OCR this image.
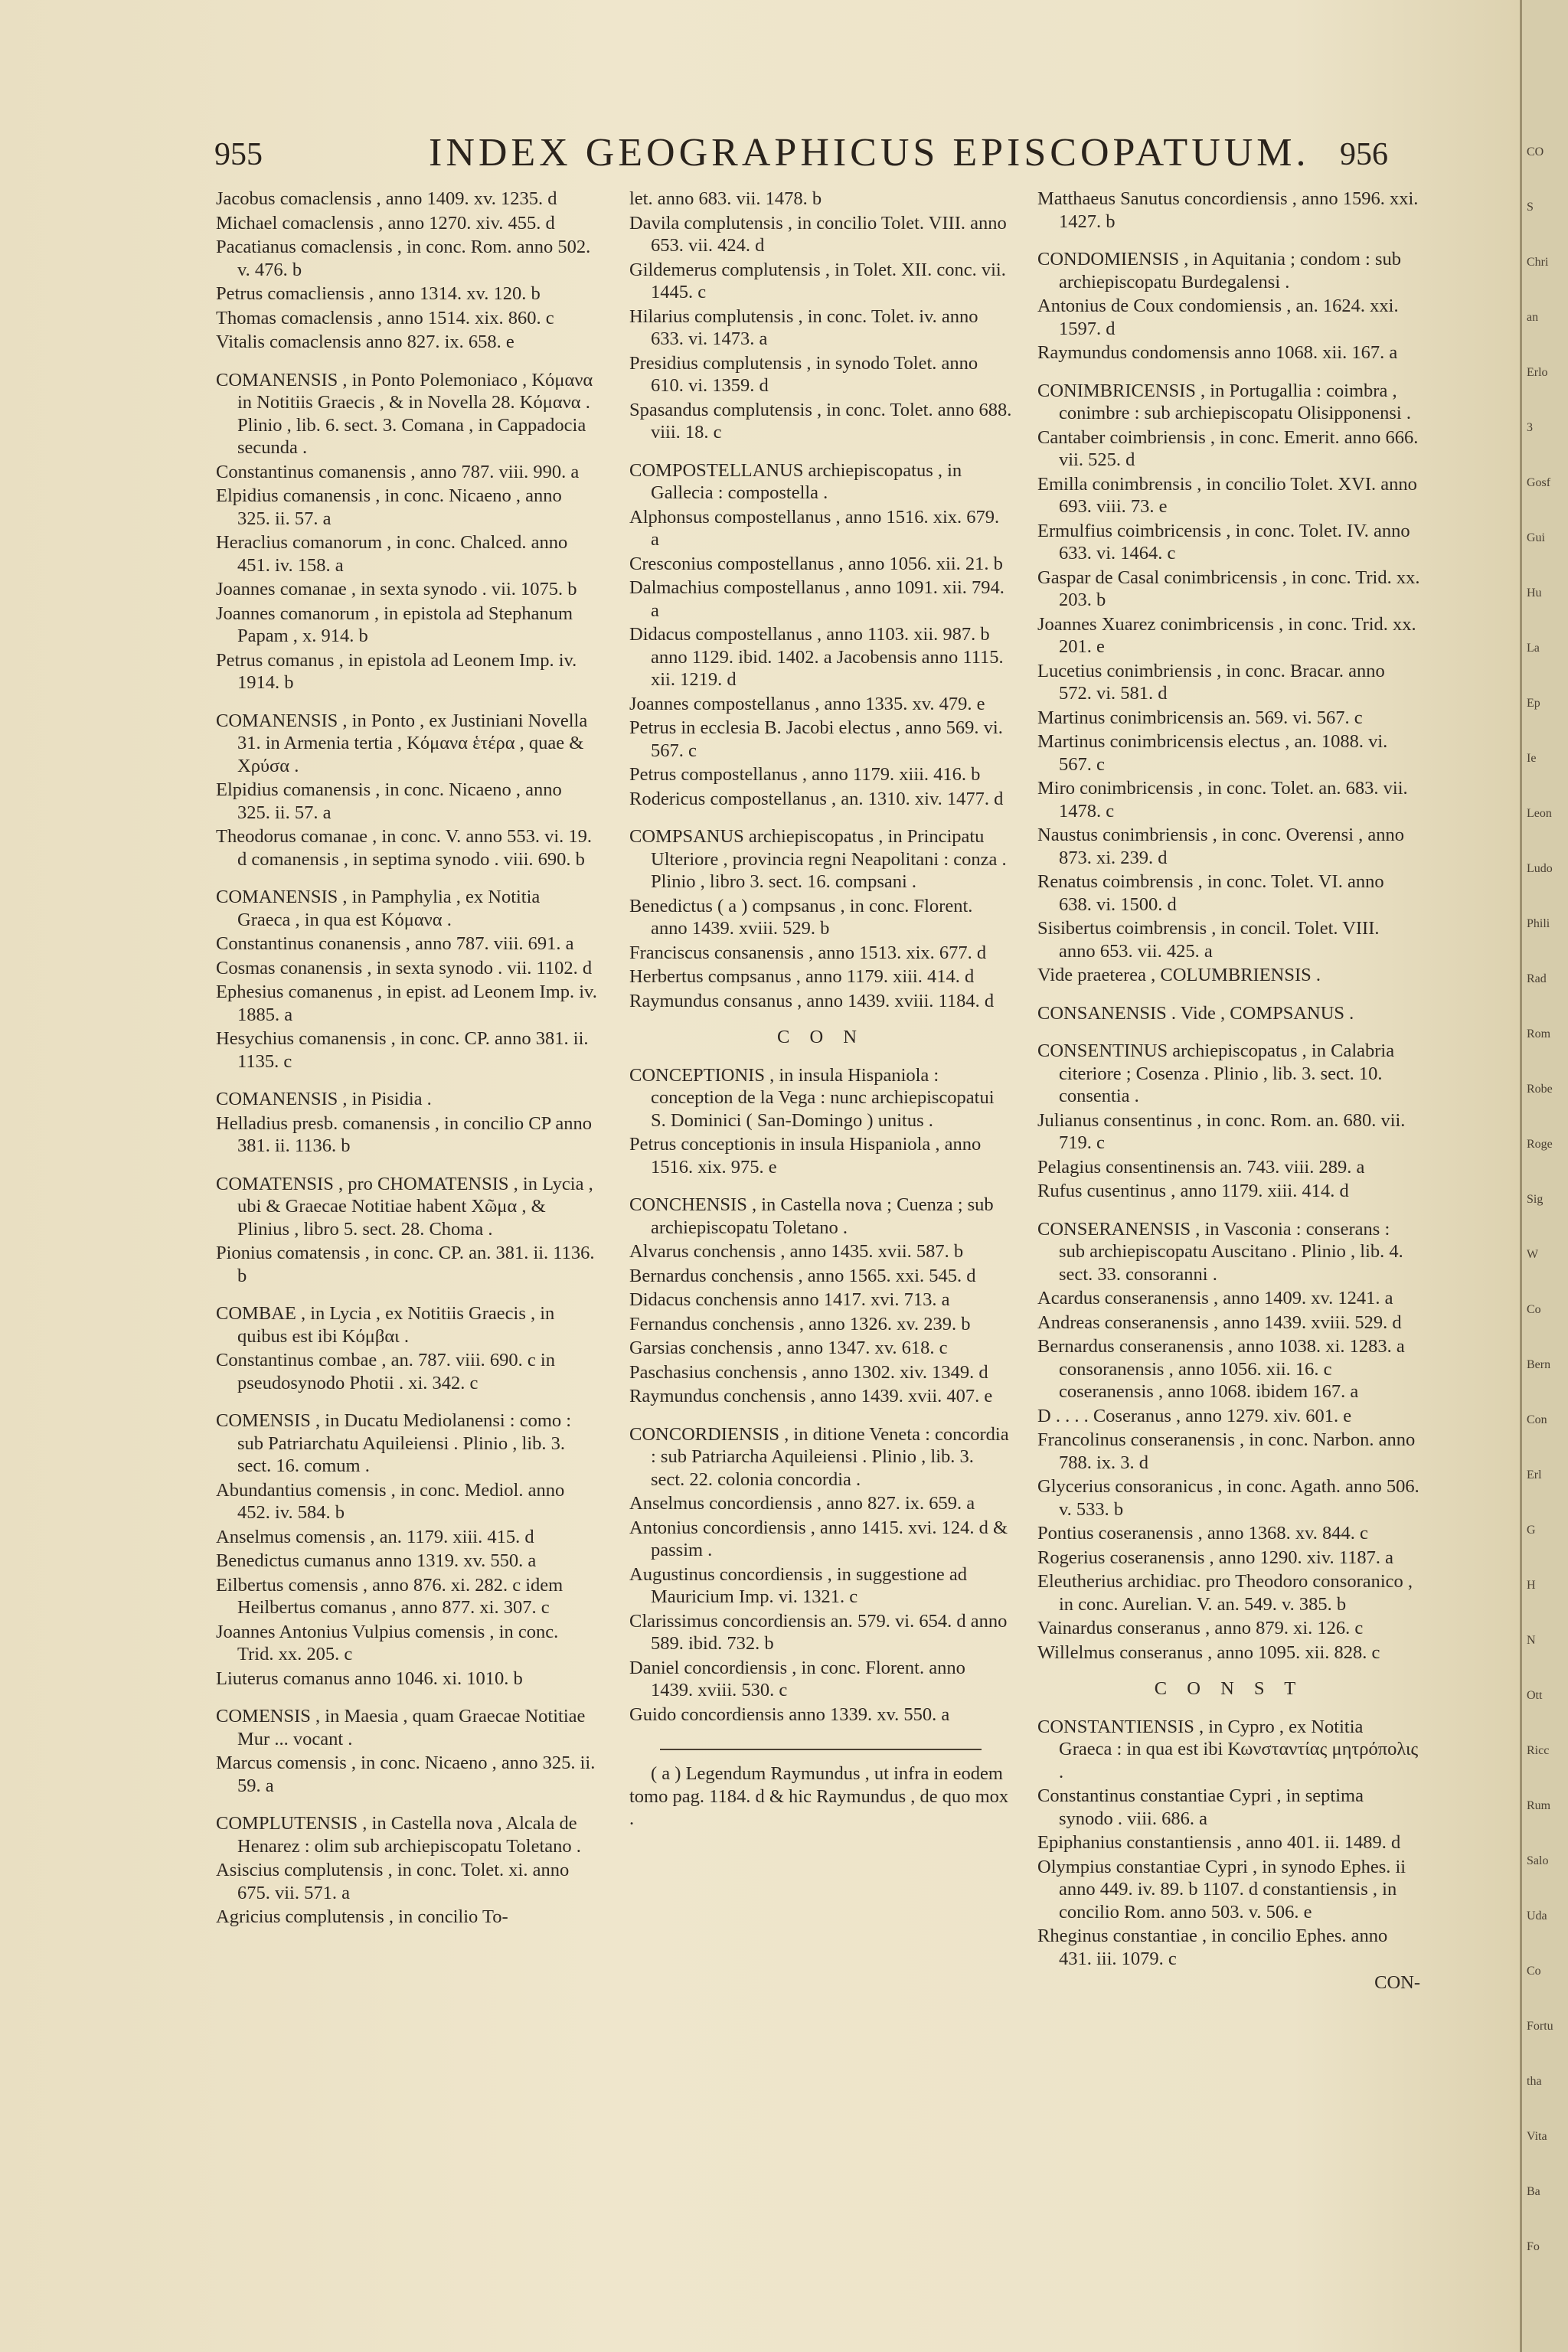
955	INDEX GEOGRAPHICUS EPISCOPATUUM. 956

Jacobus comaclensis , anno 1409. xv. 1235. d

Michael comaclensis , anno 1270. xiv. 455. d

Pacatianus comaclensis , in conc. Rom. anno 502. v. 476. b

Petrus comacliensis , anno 1314. xv. 120. b

Thomas comaclensis , anno 1514. xix. 860. c

Vitalis comaclensis anno 827. ix. 658. e

COMANENSIS , in Ponto Polemoniaco , Κόμανα in Notitiis Graecis , & in Novella 28. Κόμανα . Plinio , lib. 6. sect. 3. Comana , in Cappadocia secunda .

Constantinus comanensis , anno 787. viii. 990. a

Elpidius comanensis , in conc. Nicaeno , anno 325. ii. 57. a

Heraclius comanorum , in conc. Chalced. anno 451. iv. 158. a

Joannes comanae , in sexta synodo . vii. 1075. b

Joannes comanorum , in epistola ad Stephanum Papam , x. 914. b

Petrus comanus , in epistola ad Leonem Imp. iv. 1914. b

COMANENSIS , in Ponto , ex Justiniani Novella 31. in Armenia tertia , Κόμανα ἑτέρα , quae & Χρύσα .

Elpidius comanensis , in conc. Nicaeno , anno 325. ii. 57. a

Theodorus comanae , in conc. V. anno 553. vi. 19. d comanensis , in septima synodo . viii. 690. b

COMANENSIS , in Pamphylia , ex Notitia Graeca , in qua est Κόμανα .

Constantinus conanensis , anno 787. viii. 691. a

Cosmas conanensis , in sexta synodo . vii. 1102. d

Ephesius comanenus , in epist. ad Leonem Imp. iv. 1885. a

Hesychius comanensis , in conc. CP. anno 381. ii. 1135. c

COMANENSIS , in Pisidia .

Helladius presb. comanensis , in concilio CP anno 381. ii. 1136. b

COMATENSIS , pro CHOMATENSIS , in Lycia , ubi & Graecae Notitiae habent Χῶμα , & Plinius , libro 5. sect. 28. Choma .

Pionius comatensis , in conc. CP. an. 381. ii. 1136. b

COMBAE , in Lycia , ex Notitiis Graecis , in quibus est ibi Κόμβαι .

Constantinus combae , an. 787. viii. 690. c in pseudosynodo Photii . xi. 342. c

COMENSIS , in Ducatu Mediolanensi : como : sub Patriarchatu Aquileiensi . Plinio , lib. 3. sect. 16. comum .

Abundantius comensis , in conc. Mediol. anno 452. iv. 584. b

Anselmus comensis , an. 1179. xiii. 415. d

Benedictus cumanus anno 1319. xv. 550. a

Eilbertus comensis , anno 876. xi. 282. c idem Heilbertus comanus , anno 877. xi. 307. c

Joannes Antonius Vulpius comensis , in conc. Trid. xx. 205. c

Liuterus comanus anno 1046. xi. 1010. b

COMENSIS , in Maesia , quam Graecae Notitiae Mur ... vocant .

Marcus comensis , in conc. Nicaeno , anno 325. ii. 59. a

COMPLUTENSIS , in Castella nova , Alcala de Henarez : olim sub archiepiscopatu Toletano .

Asiscius complutensis , in conc. Tolet. xi. anno 675. vii. 571. a

Agricius complutensis , in concilio To-

let. anno 683. vii. 1478. b

Davila complutensis , in concilio Tolet. VIII. anno 653. vii. 424. d

Gildemerus complutensis , in Tolet. XII. conc. vii. 1445. c

Hilarius complutensis , in conc. Tolet. iv. anno 633. vi. 1473. a

Presidius complutensis , in synodo Tolet. anno 610. vi. 1359. d

Spasandus complutensis , in conc. Tolet. anno 688. viii. 18. c

COMPOSTELLANUS archiepiscopatus , in Gallecia : compostella .

Alphonsus compostellanus , anno 1516. xix. 679. a

Cresconius compostellanus , anno 1056. xii. 21. b

Dalmachius compostellanus , anno 1091. xii. 794. a

Didacus compostellanus , anno 1103. xii. 987. b anno 1129. ibid. 1402. a Jacobensis anno 1115. xii. 1219. d

Joannes compostellanus , anno 1335. xv. 479. e

Petrus in ecclesia B. Jacobi electus , anno 569. vi. 567. c

Petrus compostellanus , anno 1179. xiii. 416. b

Rodericus compostellanus , an. 1310. xiv. 1477. d

COMPSANUS archiepiscopatus , in Principatu Ulteriore , provincia regni Neapolitani : conza . Plinio , libro 3. sect. 16. compsani .

Benedictus ( a ) compsanus , in conc. Florent. anno 1439. xviii. 529. b

Franciscus consanensis , anno 1513. xix. 677. d

Herbertus compsanus , anno 1179. xiii. 414. d

Raymundus consanus , anno 1439. xviii. 1184. d

C O N

CONCEPTIONIS , in insula Hispaniola : conception de la Vega : nunc archiepiscopatui S. Dominici ( San-Domingo ) unitus .

Petrus conceptionis in insula Hispaniola , anno 1516. xix. 975. e

CONCHENSIS , in Castella nova ; Cuenza ; sub archiepiscopatu Toletano .

Alvarus conchensis , anno 1435. xvii. 587. b

Bernardus conchensis , anno 1565. xxi. 545. d

Didacus conchensis anno 1417. xvi. 713. a

Fernandus conchensis , anno 1326. xv. 239. b

Garsias conchensis , anno 1347. xv. 618. c

Paschasius conchensis , anno 1302. xiv. 1349. d

Raymundus conchensis , anno 1439. xvii. 407. e

CONCORDIENSIS , in ditione Veneta : concordia : sub Patriarcha Aquileiensi . Plinio , lib. 3. sect. 22. colonia concordia .

Anselmus concordiensis , anno 827. ix. 659. a

Antonius concordiensis , anno 1415. xvi. 124. d & passim .

Augustinus concordiensis , in suggestione ad Mauricium Imp. vi. 1321. c

Clarissimus concordiensis an. 579. vi. 654. d anno 589. ibid. 732. b

Daniel concordiensis , in conc. Florent. anno 1439. xviii. 530. c

Guido concordiensis anno 1339. xv. 550. a

( a ) Legendum Raymundus , ut infra in eodem tomo pag. 1184. d & hic Raymundus , de quo mox .

Matthaeus Sanutus concordiensis , anno 1596. xxi. 1427. b

CONDOMIENSIS , in Aquitania ; condom : sub archiepiscopatu Burdegalensi .

Antonius de Coux condomiensis , an. 1624. xxi. 1597. d

Raymundus condomensis anno 1068. xii. 167. a

CONIMBRICENSIS , in Portugallia : coimbra , conimbre : sub archiepiscopatu Olisipponensi .

Cantaber coimbriensis , in conc. Emerit. anno 666. vii. 525. d

Emilla conimbrensis , in concilio Tolet. XVI. anno 693. viii. 73. e

Ermulfius coimbricensis , in conc. Tolet. IV. anno 633. vi. 1464. c

Gaspar de Casal conimbricensis , in conc. Trid. xx. 203. b

Joannes Xuarez conimbricensis , in conc. Trid. xx. 201. e

Lucetius conimbriensis , in conc. Bracar. anno 572. vi. 581. d

Martinus conimbricensis an. 569. vi. 567. c

Martinus conimbricensis electus , an. 1088. vi. 567. c

Miro conimbricensis , in conc. Tolet. an. 683. vii. 1478. c

Naustus conimbriensis , in conc. Overensi , anno 873. xi. 239. d

Renatus coimbrensis , in conc. Tolet. VI. anno 638. vi. 1500. d

Sisibertus coimbrensis , in concil. Tolet. VIII. anno 653. vii. 425. a

Vide praeterea , COLUMBRIENSIS .

CONSANENSIS . Vide , COMPSANUS .

CONSENTINUS archiepiscopatus , in Calabria citeriore ; Cosenza . Plinio , lib. 3. sect. 10. consentia .

Julianus consentinus , in conc. Rom. an. 680. vii. 719. c

Pelagius consentinensis an. 743. viii. 289. a

Rufus cusentinus , anno 1179. xiii. 414. d

CONSERANENSIS , in Vasconia : conserans : sub archiepiscopatu Auscitano . Plinio , lib. 4. sect. 33. consoranni .

Acardus conseranensis , anno 1409. xv. 1241. a

Andreas conseranensis , anno 1439. xviii. 529. d

Bernardus conseranensis , anno 1038. xi. 1283. a consoranensis , anno 1056. xii. 16. c coseranensis , anno 1068. ibidem 167. a

D . . . . Coseranus , anno 1279. xiv. 601. e

Francolinus conseranensis , in conc. Narbon. anno 788. ix. 3. d

Glycerius consoranicus , in conc. Agath. anno 506. v. 533. b

Pontius coseranensis , anno 1368. xv. 844. c

Rogerius coseranensis , anno 1290. xiv. 1187. a

Eleutherius archidiac. pro Theodoro consoranico , in conc. Aurelian. V. an. 549. v. 385. b

Vainardus conseranus , anno 879. xi. 126. c

Willelmus conseranus , anno 1095. xii. 828. c

C O N S T

CONSTANTIENSIS , in Cypro , ex Notitia Graeca : in qua est ibi Κωνσταντίας μητρόπολις .

Constantinus constantiae Cypri , in septima synodo . viii. 686. a

Epiphanius constantiensis , anno 401. ii. 1489. d

Olympius constantiae Cypri , in synodo Ephes. ii anno 449. iv. 89. b 1107. d constantiensis , in concilio Rom. anno 503. v. 506. e

Rheginus constantiae , in concilio Ephes. anno 431. iii. 1079. c

CON-

CO
S
Chri
an
Erlo
3
Gosf
Gui
Hu
La
Ep
Ie
Leon
Ludo
Phili
Rad
Rom
Robe
Roge
Sig
W
Co
Bern
Con
Erl
G
H
N
Ott
Ricc
Rum
Salo
Uda
Co
Fortu
tha
Vita
Ba
Fo
